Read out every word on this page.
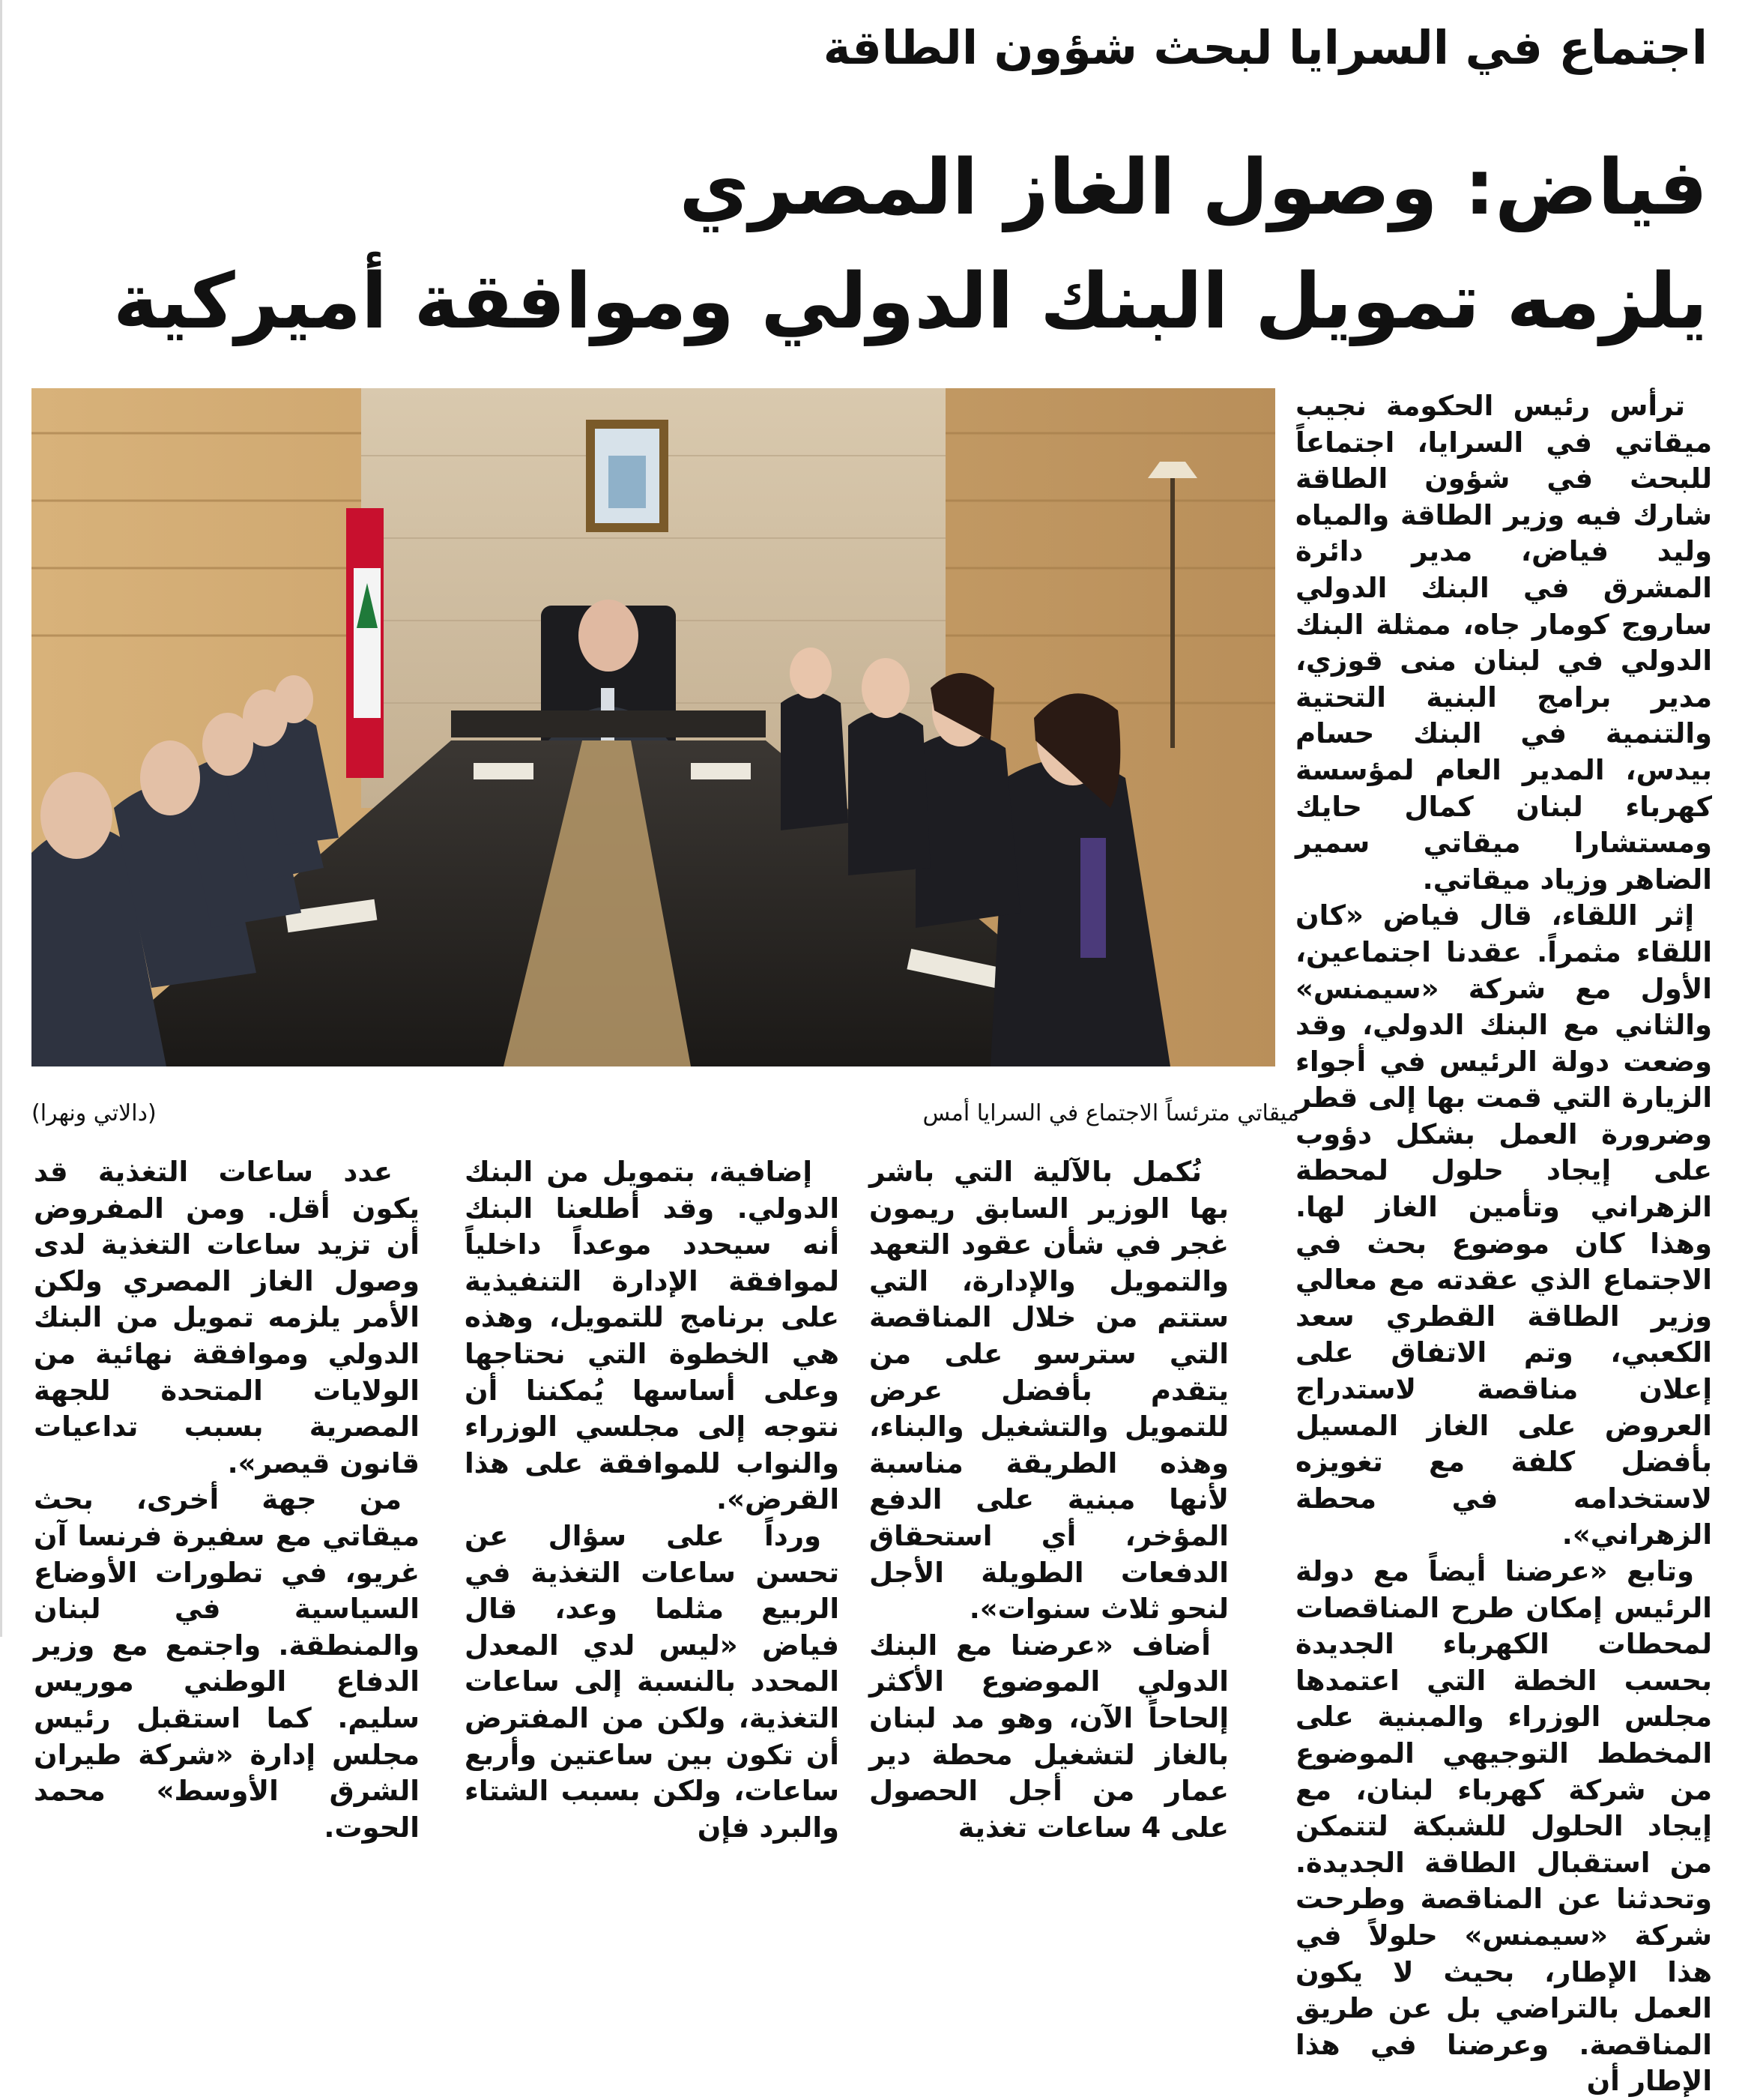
اجتماع في السرايا لبحث شؤون الطاقة
فياض: وصول الغاز المصري
يلزمه تمويل البنك الدولي وموافقة أميركية
ميقاتي مترئساً الاجتماع في السرايا أمس
(دالاتي ونهرا)

ترأس رئيس الحكومة نجيب ميقاتي في السرايا، اجتماعاً للبحث في شؤون الطاقة شارك فيه وزير الطاقة والمياه وليد فياض، مدير دائرة المشرق في البنك الدولي ساروج كومار جاه، ممثلة البنك الدولي في لبنان منى قوزي، مدير برامج البنية التحتية والتنمية في البنك حسام بيدس، المدير العام لمؤسسة كهرباء لبنان كمال حايك ومستشارا ميقاتي سمير الضاهر وزياد ميقاتي.

إثر اللقاء، قال فياض «كان اللقاء مثمراً. عقدنا اجتماعين، الأول مع شركة «سيمنس» والثاني مع البنك الدولي، وقد وضعت دولة الرئيس في أجواء الزيارة التي قمت بها إلى قطر وضرورة العمل بشكل دؤوب على إيجاد حلول لمحطة الزهراني وتأمين الغاز لها. وهذا كان موضوع بحث في الاجتماع الذي عقدته مع معالي وزير الطاقة القطري سعد الكعبي، وتم الاتفاق على إعلان مناقصة لاستدراج العروض على الغاز المسيل بأفضل كلفة مع تغويزه لاستخدامه في محطة الزهراني».

وتابع «عرضنا أيضاً مع دولة الرئيس إمكان طرح المناقصات لمحطات الكهرباء الجديدة بحسب الخطة التي اعتمدها مجلس الوزراء والمبنية على المخطط التوجيهي الموضوع من شركة كهرباء لبنان، مع إيجاد الحلول للشبكة لتتمكن من استقبال الطاقة الجديدة. وتحدثنا عن المناقصة وطرحت شركة «سيمنس» حلولاً في هذا الإطار، بحيث لا يكون العمل بالتراضي بل عن طريق المناقصة. وعرضنا في هذا الإطار أن

نُكمل بالآلية التي باشر بها الوزير السابق ريمون غجر في شأن عقود التعهد والتمويل والإدارة، التي ستتم من خلال المناقصة التي سترسو على من يتقدم بأفضل عرض للتمويل والتشغيل والبناء، وهذه الطريقة مناسبة لأنها مبنية على الدفع المؤخر، أي استحقاق الدفعات الطويلة الأجل لنحو ثلاث سنوات».

أضاف «عرضنا مع البنك الدولي الموضوع الأكثر إلحاحاً الآن، وهو مد لبنان بالغاز لتشغيل محطة دير عمار من أجل الحصول على 4 ساعات تغذية

إضافية، بتمويل من البنك الدولي. وقد أطلعنا البنك أنه سيحدد موعداً داخلياً لموافقة الإدارة التنفيذية على برنامج للتمويل، وهذه هي الخطوة التي نحتاجها وعلى أساسها يُمكننا أن نتوجه إلى مجلسي الوزراء والنواب للموافقة على هذا القرض».

ورداً على سؤال عن تحسن ساعات التغذية في الربيع مثلما وعد، قال فياض «ليس لدي المعدل المحدد بالنسبة إلى ساعات التغذية، ولكن من المفترض أن تكون بين ساعتين وأربع ساعات، ولكن بسبب الشتاء والبرد فإن

عدد ساعات التغذية قد يكون أقل. ومن المفروض أن تزيد ساعات التغذية لدى وصول الغاز المصري ولكن الأمر يلزمه تمويل من البنك الدولي وموافقة نهائية من الولايات المتحدة للجهة المصرية بسبب تداعيات قانون قيصر».

من جهة أخرى، بحث ميقاتي مع سفيرة فرنسا آن غريو، في تطورات الأوضاع السياسية في لبنان والمنطقة. واجتمع مع وزير الدفاع الوطني موريس سليم. كما استقبل رئيس مجلس إدارة «شركة طيران الشرق الأوسط» محمد الحوت.
